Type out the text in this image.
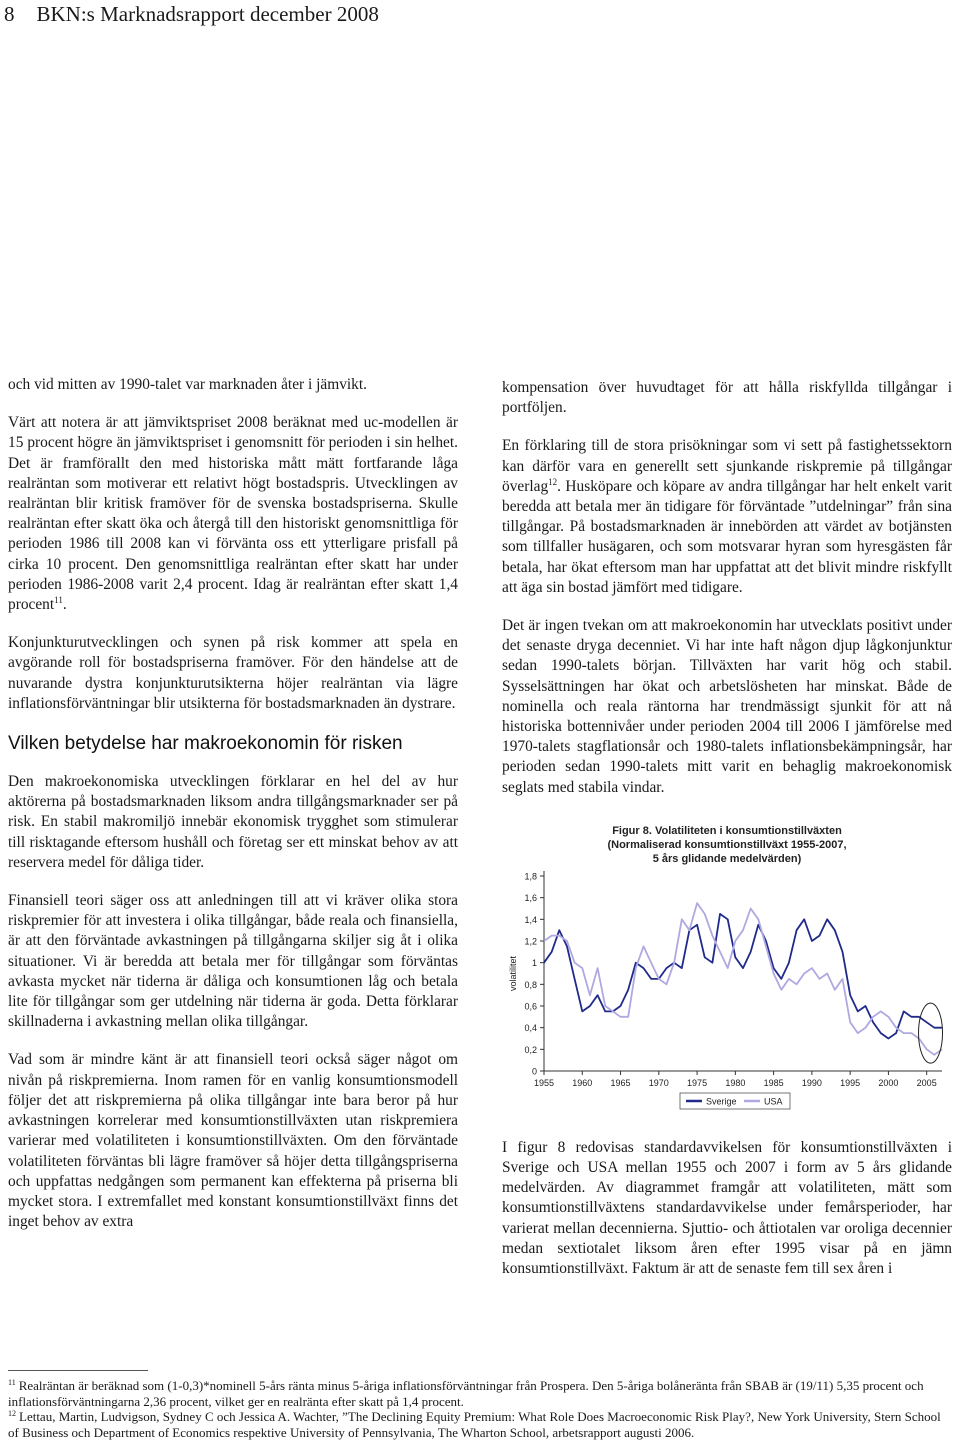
8 BKN:s Marknadsrapport december 2008

och vid mitten av 1990-talet var marknaden åter i jämvikt.

Värt att notera är att jämviktspriset 2008 beräknat med uc-modellen är 15 procent högre än jämviktspriset i genomsnitt för perioden i sin helhet. Det är framförallt den med historiska mått mätt fortfarande låga realräntan som motiverar ett relativt högt bostadspris. Utvecklingen av realräntan blir kritisk framöver för de svenska bostadspriserna. Skulle realräntan efter skatt öka och återgå till den historiskt genomsnittliga för perioden 1986 till 2008 kan vi förvänta oss ett ytterligare prisfall på cirka 10 procent. Den genomsnittliga realräntan efter skatt har under perioden 1986-2008 varit 2,4 procent. Idag är realräntan efter skatt 1,4 procent$^{11}$.

Konjunkturutvecklingen och synen på risk kommer att spela en avgörande roll för bostadspriserna framöver. För den händelse att de nuvarande dystra konjunkturutsikterna höjer realräntan via lägre inflationsförväntningar blir utsikterna för bostadsmarknaden än dystrare.

Vilken betydelse har makroekonomin för risken

Den makroekonomiska utvecklingen förklarar en hel del av hur aktörerna på bostadsmarknaden liksom andra tillgångsmarknader ser på risk. En stabil makromiljö innebär ekonomisk trygghet som stimulerar till risktagande eftersom hushåll och företag ser ett minskat behov av att reservera medel för dåliga tider.

Finansiell teori säger oss att anledningen till att vi kräver olika stora riskpremier för att investera i olika tillgångar, både reala och finansiella, är att den förväntade avkastningen på tillgångarna skiljer sig åt i olika situationer. Vi är beredda att betala mer för tillgångar som förväntas avkasta mycket när tiderna är dåliga och konsumtionen låg och betala lite för tillgångar som ger utdelning när tiderna är goda. Detta förklarar skillnaderna i avkastning mellan olika tillgångar.

Vad som är mindre känt är att finansiell teori också säger något om nivån på riskpremierna. Inom ramen för en vanlig konsumtionsmodell följer det att riskpremierna på olika tillgångar inte bara beror på hur avkastningen korrelerar med konsumtionstillväxten utan riskpremiera varierar med volatiliteten i konsumtionstillväxten. Om den förväntade volatiliteten förväntas bli lägre framöver så höjer detta tillgångspriserna och uppfattas nedgången som permanent kan effekterna på priserna bli mycket stora. I extremfallet med konstant konsumtionstillväxt finns det inget behov av extra

kompensation över huvudtaget för att hålla riskfyllda tillgångar i portföljen.

En förklaring till de stora prisökningar som vi sett på fastighetssektorn kan därför vara en generellt sett sjunkande riskpremie på tillgångar överlag$^{12}$. Husköpare och köpare av andra tillgångar har helt enkelt varit beredda att betala mer än tidigare för förväntade ”utdelningar” från sina tillgångar. På bostadsmarknaden är innebörden att värdet av botjänsten som tillfaller husägaren, och som motsvarar hyran som hyresgästen får betala, har ökat eftersom man har uppfattat att det blivit mindre riskfyllt att äga sin bostad jämfört med tidigare.

Det är ingen tvekan om att makroekonomin har utvecklats positivt under det senaste dryga decenniet. Vi har inte haft någon djup lågkonjunktur sedan 1990-talets början. Tillväxten har varit hög och stabil. Sysselsättningen har ökat och arbetslösheten har minskat. Både de nominella och reala räntorna har trendmässigt sjunkit för att nå historiska bottennivåer under perioden 2004 till 2006 I jämförelse med 1970-talets stagflationsår och 1980-talets inflationsbekämpningsår, har perioden sedan 1990-talets mitt varit en behaglig makroekonomisk seglats med stabila vindar.

Figur 8. Volatiliteten i konsumtionstillväxten
(Normaliserad konsumtionstillväxt 1955-2007,
5 års glidande medelvärden)
0
0,2
0,4
0,6
0,8
1
1,2
1,4
1,6
1,8
1955 1960 1965 1970 1975 1980 1985 1990 1995 2000 2005
volatilitet
Sverige	USA

I figur 8 redovisas standardavvikelsen för konsumtionstillväxten i Sverige och USA mellan 1955 och 2007 i form av 5 års glidande medelvärden. Av diagrammet framgår att volatiliteten, mätt som konsumtionstillväxtens standardavvikelse under femårsperioder, har varierat mellan decennierna. Sjuttio- och åttiotalen var oroliga decennier medan sextiotalet liksom åren efter 1995 visar på en jämn konsumtionstillväxt. Faktum är att de senaste fem till sex åren i

$^{11}$ Realräntan är beräknad som (1-0,3)*nominell 5-års ränta minus 5-åriga inflationsförväntningar från Prospera. Den 5-åriga bolåneränta från SBAB är (19/11) 5,35 procent och inflationsförväntningarna 2,36 procent, vilket ger en realränta efter skatt på 1,4 procent.

$^{12}$ Lettau, Martin, Ludvigson, Sydney C och Jessica A. Wachter, ”The Declining Equity Premium: What Role Does Macroeconomic Risk Play?, New York University, Stern School of Business och Department of Economics respektive University of Pennsylvania, The Wharton School, arbetsrapport augusti 2006.
